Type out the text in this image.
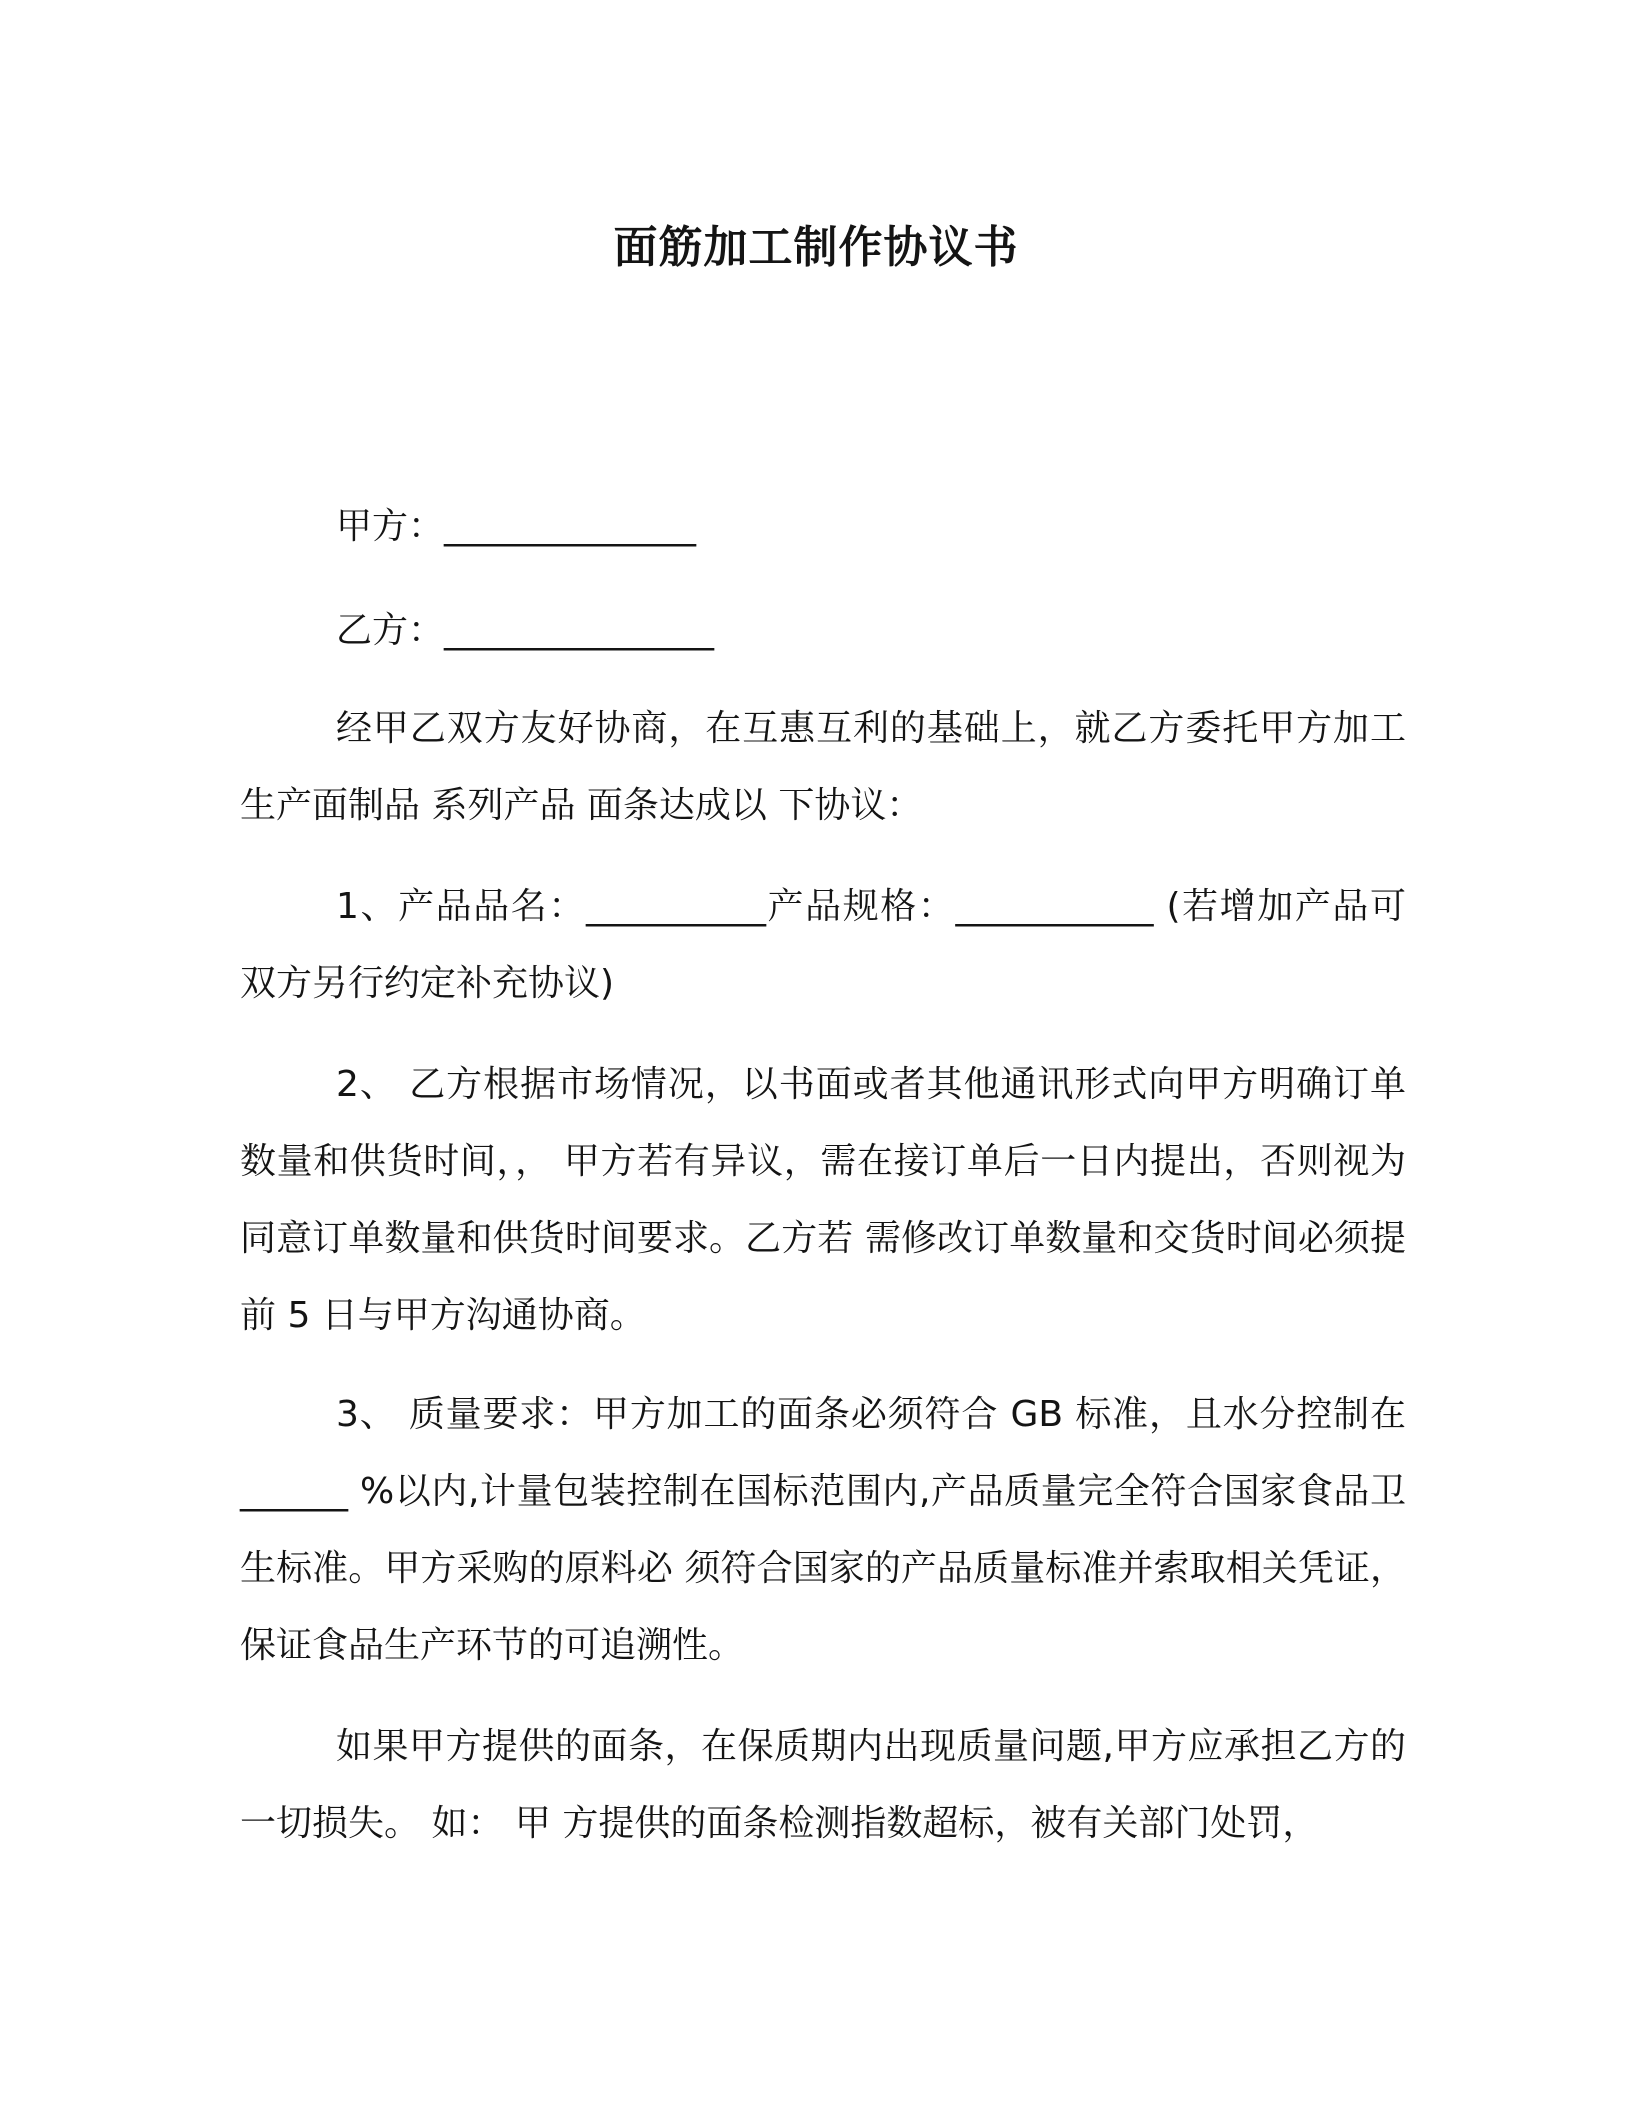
面筋加工制作协议书
甲方：______________
乙方：_______________
经甲乙双方友好协商，在互惠互利的基础上，就乙方委托甲方加工生产面制品 系列产品 面条达成以 下协议：
1、产品品名：__________产品规格：___________ (若增加产品可双方另行约定补充协议)
2、 乙方根据市场情况，以书面或者其他通讯形式向甲方明确订单数量和供货时间，， 甲方若有异议，需在接订单后一日内提出，否则视为同意订单数量和供货时间要求。乙方若 需修改订单数量和交货时间必须提前 5 日与甲方沟通协商。
3、 质量要求：甲方加工的面条必须符合 GB 标准，且水分控制在 ______ %以内,计量包装控制在国标范围内,产品质量完全符合国家食品卫生标准。甲方采购的原料必 须符合国家的产品质量标准并索取相关凭证，保证食品生产环节的可追溯性。
如果甲方提供的面条，在保质期内出现质量问题,甲方应承担乙方的一切损失。 如： 甲 方提供的面条检测指数超标，被有关部门处罚，
